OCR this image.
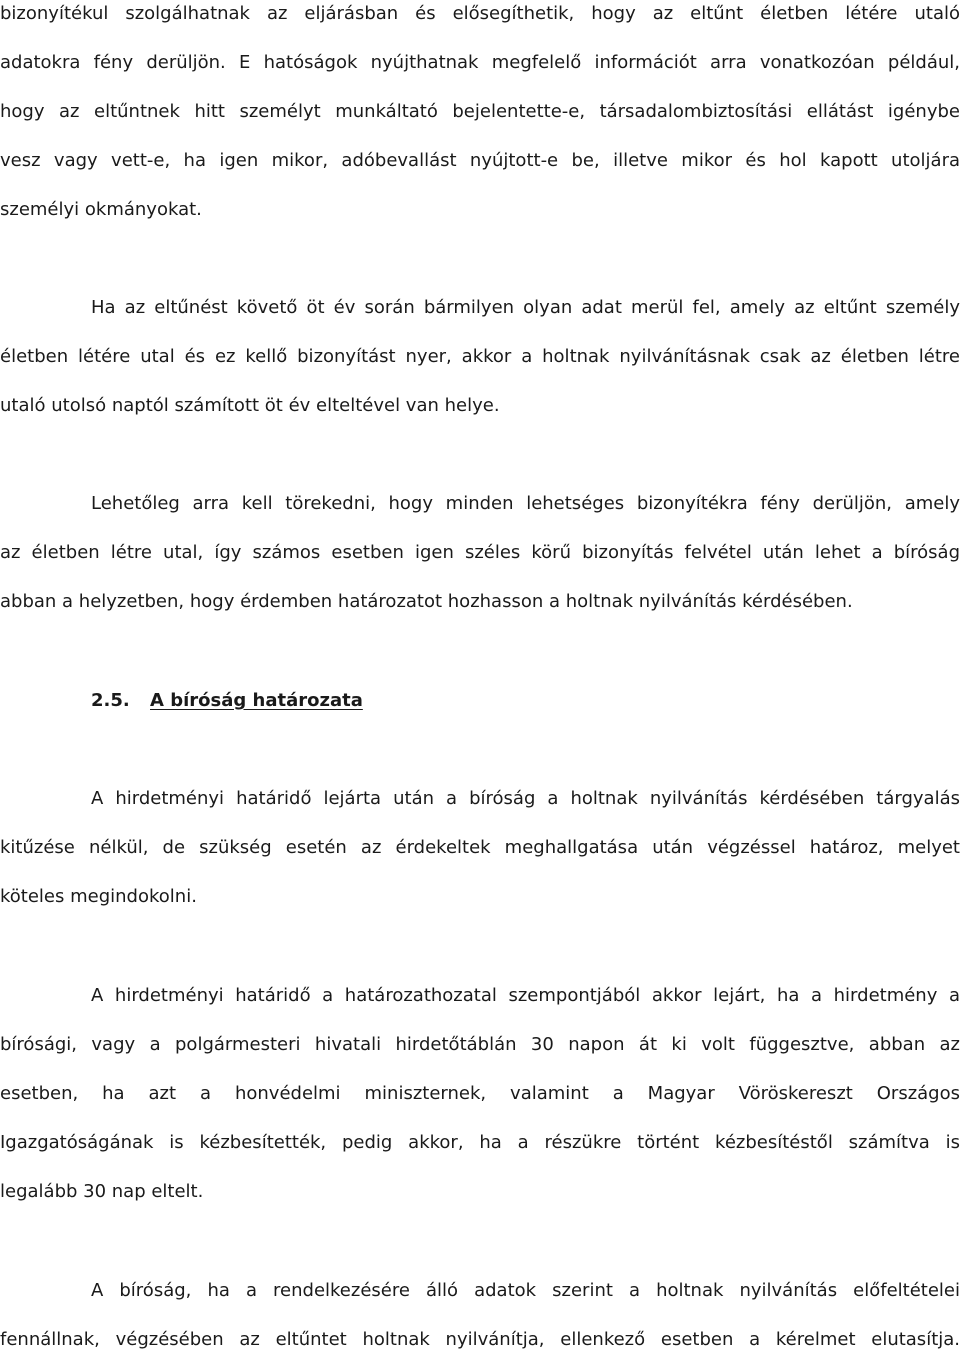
bizonyítékul szolgálhatnak az eljárásban és elősegíthetik, hogy az eltűnt életben létére utaló
adatokra fény derüljön. E hatóságok nyújthatnak megfelelő információt arra vonatkozóan például,
hogy az eltűntnek hitt személyt munkáltató bejelentette-e, társadalombiztosítási ellátást igénybe
vesz vagy vett-e, ha igen mikor, adóbevallást nyújtott-e be, illetve mikor és hol kapott utoljára
személyi okmányokat.
Ha az eltűnést követő öt év során bármilyen olyan adat merül fel, amely az eltűnt személy
életben létére utal és ez kellő bizonyítást nyer, akkor a holtnak nyilvánításnak csak az életben létre
utaló utolsó naptól számított öt év elteltével van helye.
Lehetőleg arra kell törekedni, hogy minden lehetséges bizonyítékra fény derüljön, amely
az életben létre utal, így számos esetben igen széles körű bizonyítás felvétel után lehet a bíróság
abban a helyzetben, hogy érdemben határozatot hozhasson a holtnak nyilvánítás kérdésében.
2.5. A bíróság határozata
A hirdetményi határidő lejárta után a bíróság a holtnak nyilvánítás kérdésében tárgyalás
kitűzése nélkül, de szükség esetén az érdekeltek meghallgatása után végzéssel határoz, melyet
köteles megindokolni.
A hirdetményi határidő a határozathozatal szempontjából akkor lejárt, ha a hirdetmény a
bírósági, vagy a polgármesteri hivatali hirdetőtáblán 30 napon át ki volt függesztve, abban az
esetben, ha azt a honvédelmi miniszternek, valamint a Magyar Vöröskereszt Országos
Igazgatóságának is kézbesítették, pedig akkor, ha a részükre történt kézbesítéstől számítva is
legalább 30 nap eltelt.
A bíróság, ha a rendelkezésére álló adatok szerint a holtnak nyilvánítás előfeltételei
fennállnak, végzésében az eltűntet holtnak nyilvánítja, ellenkező esetben a kérelmet elutasítja.
